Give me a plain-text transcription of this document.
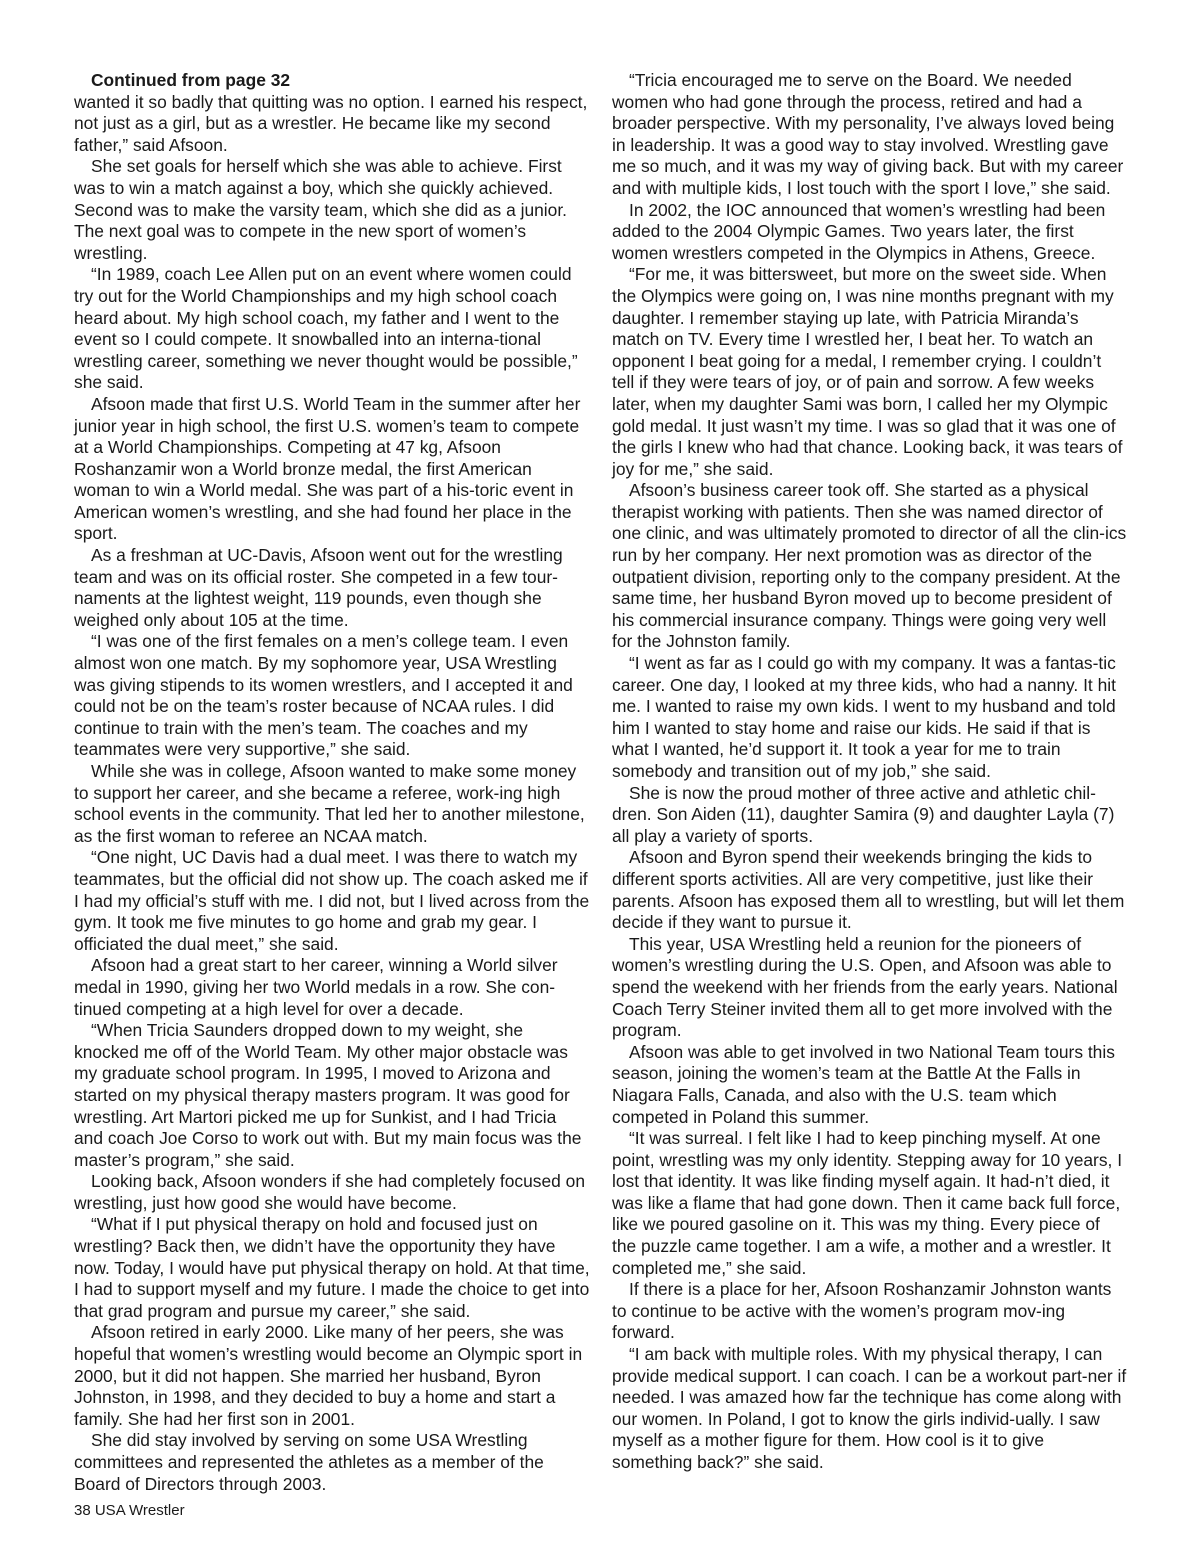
Continued from page 32

wanted it so badly that quitting was no option. I earned his respect, not just as a girl, but as a wrestler. He became like my second father,” said Afsoon.

She set goals for herself which she was able to achieve. First was to win a match against a boy, which she quickly achieved. Second was to make the varsity team, which she did as a junior. The next goal was to compete in the new sport of women’s wrestling.

“In 1989, coach Lee Allen put on an event where women could try out for the World Championships and my high school coach heard about. My high school coach, my father and I went to the event so I could compete. It snowballed into an interna-tional wrestling career, something we never thought would be possible,” she said.

Afsoon made that first U.S. World Team in the summer after her junior year in high school, the first U.S. women’s team to compete at a World Championships. Competing at 47 kg, Afsoon Roshanzamir won a World bronze medal, the first American woman to win a World medal. She was part of a his-toric event in American women’s wrestling, and she had found her place in the sport.

As a freshman at UC-Davis, Afsoon went out for the wrestling team and was on its official roster. She competed in a few tour-naments at the lightest weight, 119 pounds, even though she weighed only about 105 at the time.

“I was one of the first females on a men’s college team. I even almost won one match. By my sophomore year, USA Wrestling was giving stipends to its women wrestlers, and I accepted it and could not be on the team’s roster because of NCAA rules. I did continue to train with the men’s team. The coaches and my teammates were very supportive,” she said.

While she was in college, Afsoon wanted to make some money to support her career, and she became a referee, work-ing high school events in the community. That led her to another milestone, as the first woman to referee an NCAA match.

“One night, UC Davis had a dual meet. I was there to watch my teammates, but the official did not show up. The coach asked me if I had my official’s stuff with me. I did not, but I lived across from the gym. It took me five minutes to go home and grab my gear. I officiated the dual meet,” she said.

Afsoon had a great start to her career, winning a World silver medal in 1990, giving her two World medals in a row. She con-tinued competing at a high level for over a decade.

“When Tricia Saunders dropped down to my weight, she knocked me off of the World Team. My other major obstacle was my graduate school program. In 1995, I moved to Arizona and started on my physical therapy masters program. It was good for wrestling. Art Martori picked me up for Sunkist, and I had Tricia and coach Joe Corso to work out with. But my main focus was the master’s program,” she said.

Looking back, Afsoon wonders if she had completely focused on wrestling, just how good she would have become.

“What if I put physical therapy on hold and focused just on wrestling? Back then, we didn’t have the opportunity they have now. Today, I would have put physical therapy on hold. At that time, I had to support myself and my future. I made the choice to get into that grad program and pursue my career,” she said.

Afsoon retired in early 2000. Like many of her peers, she was hopeful that women’s wrestling would become an Olympic sport in 2000, but it did not happen. She married her husband, Byron Johnston, in 1998, and they decided to buy a home and start a family. She had her first son in 2001.

She did stay involved by serving on some USA Wrestling committees and represented the athletes as a member of the Board of Directors through 2003.

“Tricia encouraged me to serve on the Board. We needed women who had gone through the process, retired and had a broader perspective. With my personality, I’ve always loved being in leadership. It was a good way to stay involved. Wrestling gave me so much, and it was my way of giving back. But with my career and with multiple kids, I lost touch with the sport I love,” she said.

In 2002, the IOC announced that women’s wrestling had been added to the 2004 Olympic Games. Two years later, the first women wrestlers competed in the Olympics in Athens, Greece.

“For me, it was bittersweet, but more on the sweet side. When the Olympics were going on, I was nine months pregnant with my daughter. I remember staying up late, with Patricia Miranda’s match on TV. Every time I wrestled her, I beat her. To watch an opponent I beat going for a medal, I remember crying. I couldn’t tell if they were tears of joy, or of pain and sorrow. A few weeks later, when my daughter Sami was born, I called her my Olympic gold medal. It just wasn’t my time. I was so glad that it was one of the girls I knew who had that chance. Looking back, it was tears of joy for me,” she said.

Afsoon’s business career took off. She started as a physical therapist working with patients. Then she was named director of one clinic, and was ultimately promoted to director of all the clin-ics run by her company. Her next promotion was as director of the outpatient division, reporting only to the company president. At the same time, her husband Byron moved up to become president of his commercial insurance company. Things were going very well for the Johnston family.

“I went as far as I could go with my company. It was a fantas-tic career. One day, I looked at my three kids, who had a nanny. It hit me. I wanted to raise my own kids. I went to my husband and told him I wanted to stay home and raise our kids. He said if that is what I wanted, he’d support it. It took a year for me to train somebody and transition out of my job,” she said.

She is now the proud mother of three active and athletic chil-dren. Son Aiden (11), daughter Samira (9) and daughter Layla (7) all play a variety of sports.

Afsoon and Byron spend their weekends bringing the kids to different sports activities. All are very competitive, just like their parents. Afsoon has exposed them all to wrestling, but will let them decide if they want to pursue it.

This year, USA Wrestling held a reunion for the pioneers of women’s wrestling during the U.S. Open, and Afsoon was able to spend the weekend with her friends from the early years. National Coach Terry Steiner invited them all to get more involved with the program.

Afsoon was able to get involved in two National Team tours this season, joining the women’s team at the Battle At the Falls in Niagara Falls, Canada, and also with the U.S. team which competed in Poland this summer.

“It was surreal. I felt like I had to keep pinching myself. At one point, wrestling was my only identity. Stepping away for 10 years, I lost that identity. It was like finding myself again. It had-n’t died, it was like a flame that had gone down. Then it came back full force, like we poured gasoline on it. This was my thing. Every piece of the puzzle came together. I am a wife, a mother and a wrestler. It completed me,” she said.

If there is a place for her, Afsoon Roshanzamir Johnston wants to continue to be active with the women’s program mov-ing forward.

“I am back with multiple roles. With my physical therapy, I can provide medical support. I can coach. I can be a workout part-ner if needed. I was amazed how far the technique has come along with our women. In Poland, I got to know the girls individ-ually. I saw myself as a mother figure for them. How cool is it to give something back?” she said.

38 USA Wrestler
